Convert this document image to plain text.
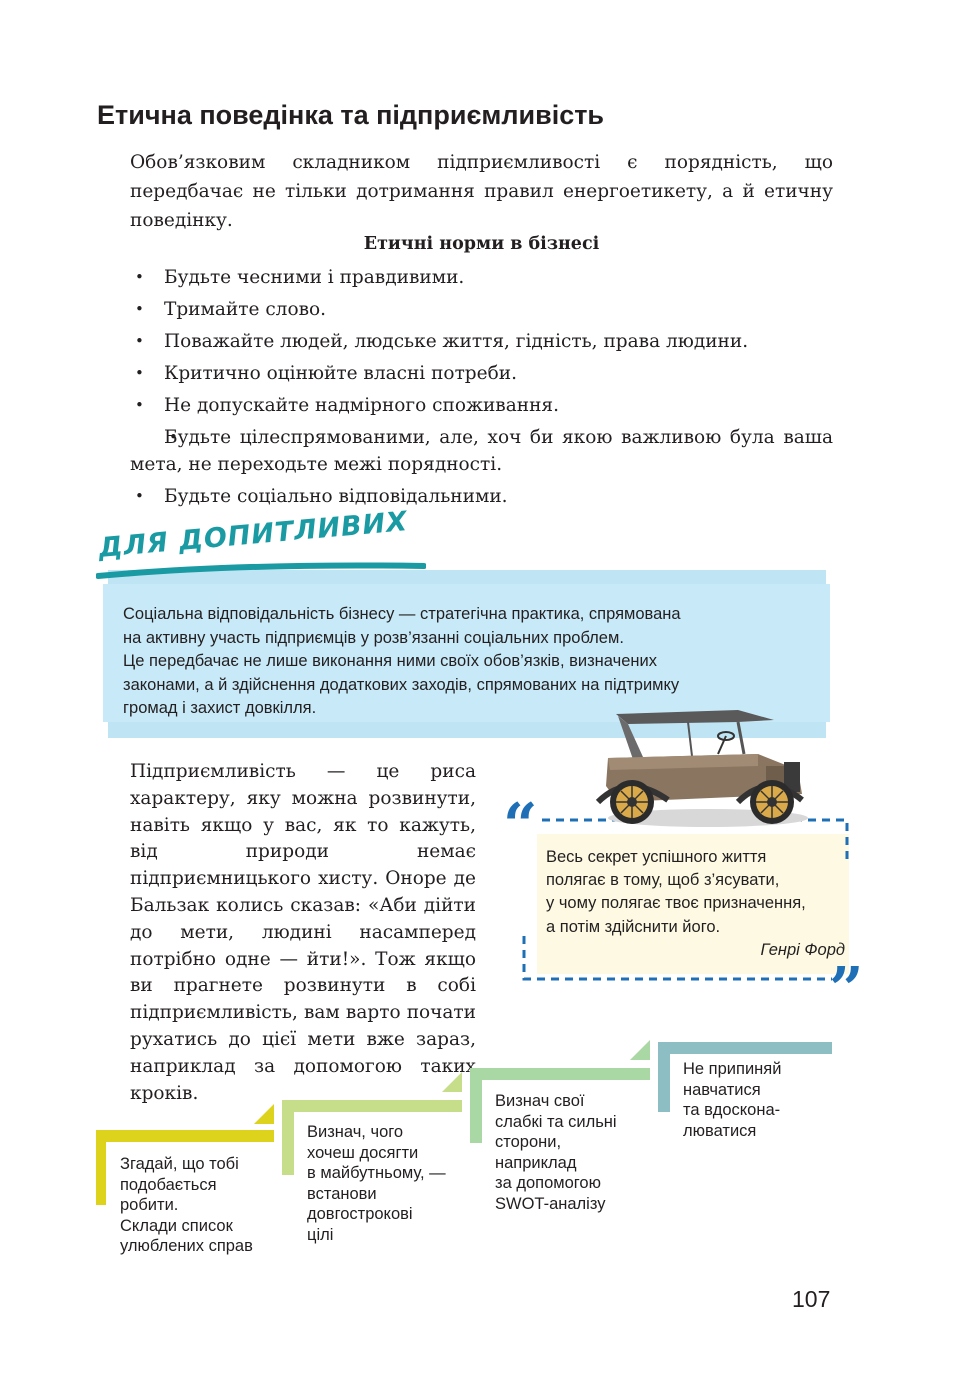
Етична поведінка та підприємливість

Обов’язковим складником підприємливості є порядність, що передбачає не тільки дотримання правил енергоетикету, а й етичну поведінку.

Етичні норми в бізнесі
• Будьте чесними і правдивими.
• Тримайте слово.
• Поважайте людей, людське життя, гідність, права людини.
• Критично оцінюйте власні потреби.
• Не допускайте надмірного споживання.
• Будьте цілеспрямованими, але, хоч би якою важливою була ваша мета, не переходьте межі порядності.
• Будьте соціально відповідальними.
ДЛЯ ДОПИТЛИВИХ
Соціальна відповідальність бізнесу — стратегічна практика, спрямована
на активну участь підприємців у розв’язанні соціальних проблем.
Це передбачає не лише виконання ними своїх обов’язків, визначених
законами, а й здійснення додаткових заходів, спрямованих на підтримку
громад і захист довкілля.

Підприємливість — це риса характеру, яку можна розвинути, навіть якщо у вас, як то кажуть, від природи немає підприємницького хисту. Оноре де Бальзак колись сказав: «Аби дійти до мети, людині насамперед потрібно одне — йти!». Тож якщо ви прагнете розвинути в собі підприємливість, вам варто почати рухатись до цієї мети вже зараз, наприклад за допомогою таких кроків.

“ Весь секрет успішного життя
полягає в тому, щоб з’ясувати,
у чому полягає твоє призначення,
а потім здійснити його.
Генрі Форд
”
Згадай, що тобі
подобається
робити.
Склади список
улюблених справ
Визнач, чого
хочеш досягти
в майбутньому, —
встанови
довгострокові
цілі
Визнач свої
слабкі та сильні
сторони,
наприклад
за допомогою
SWOT-аналізу
Не припиняй
навчатися
та вдоскона-
люватися
107
